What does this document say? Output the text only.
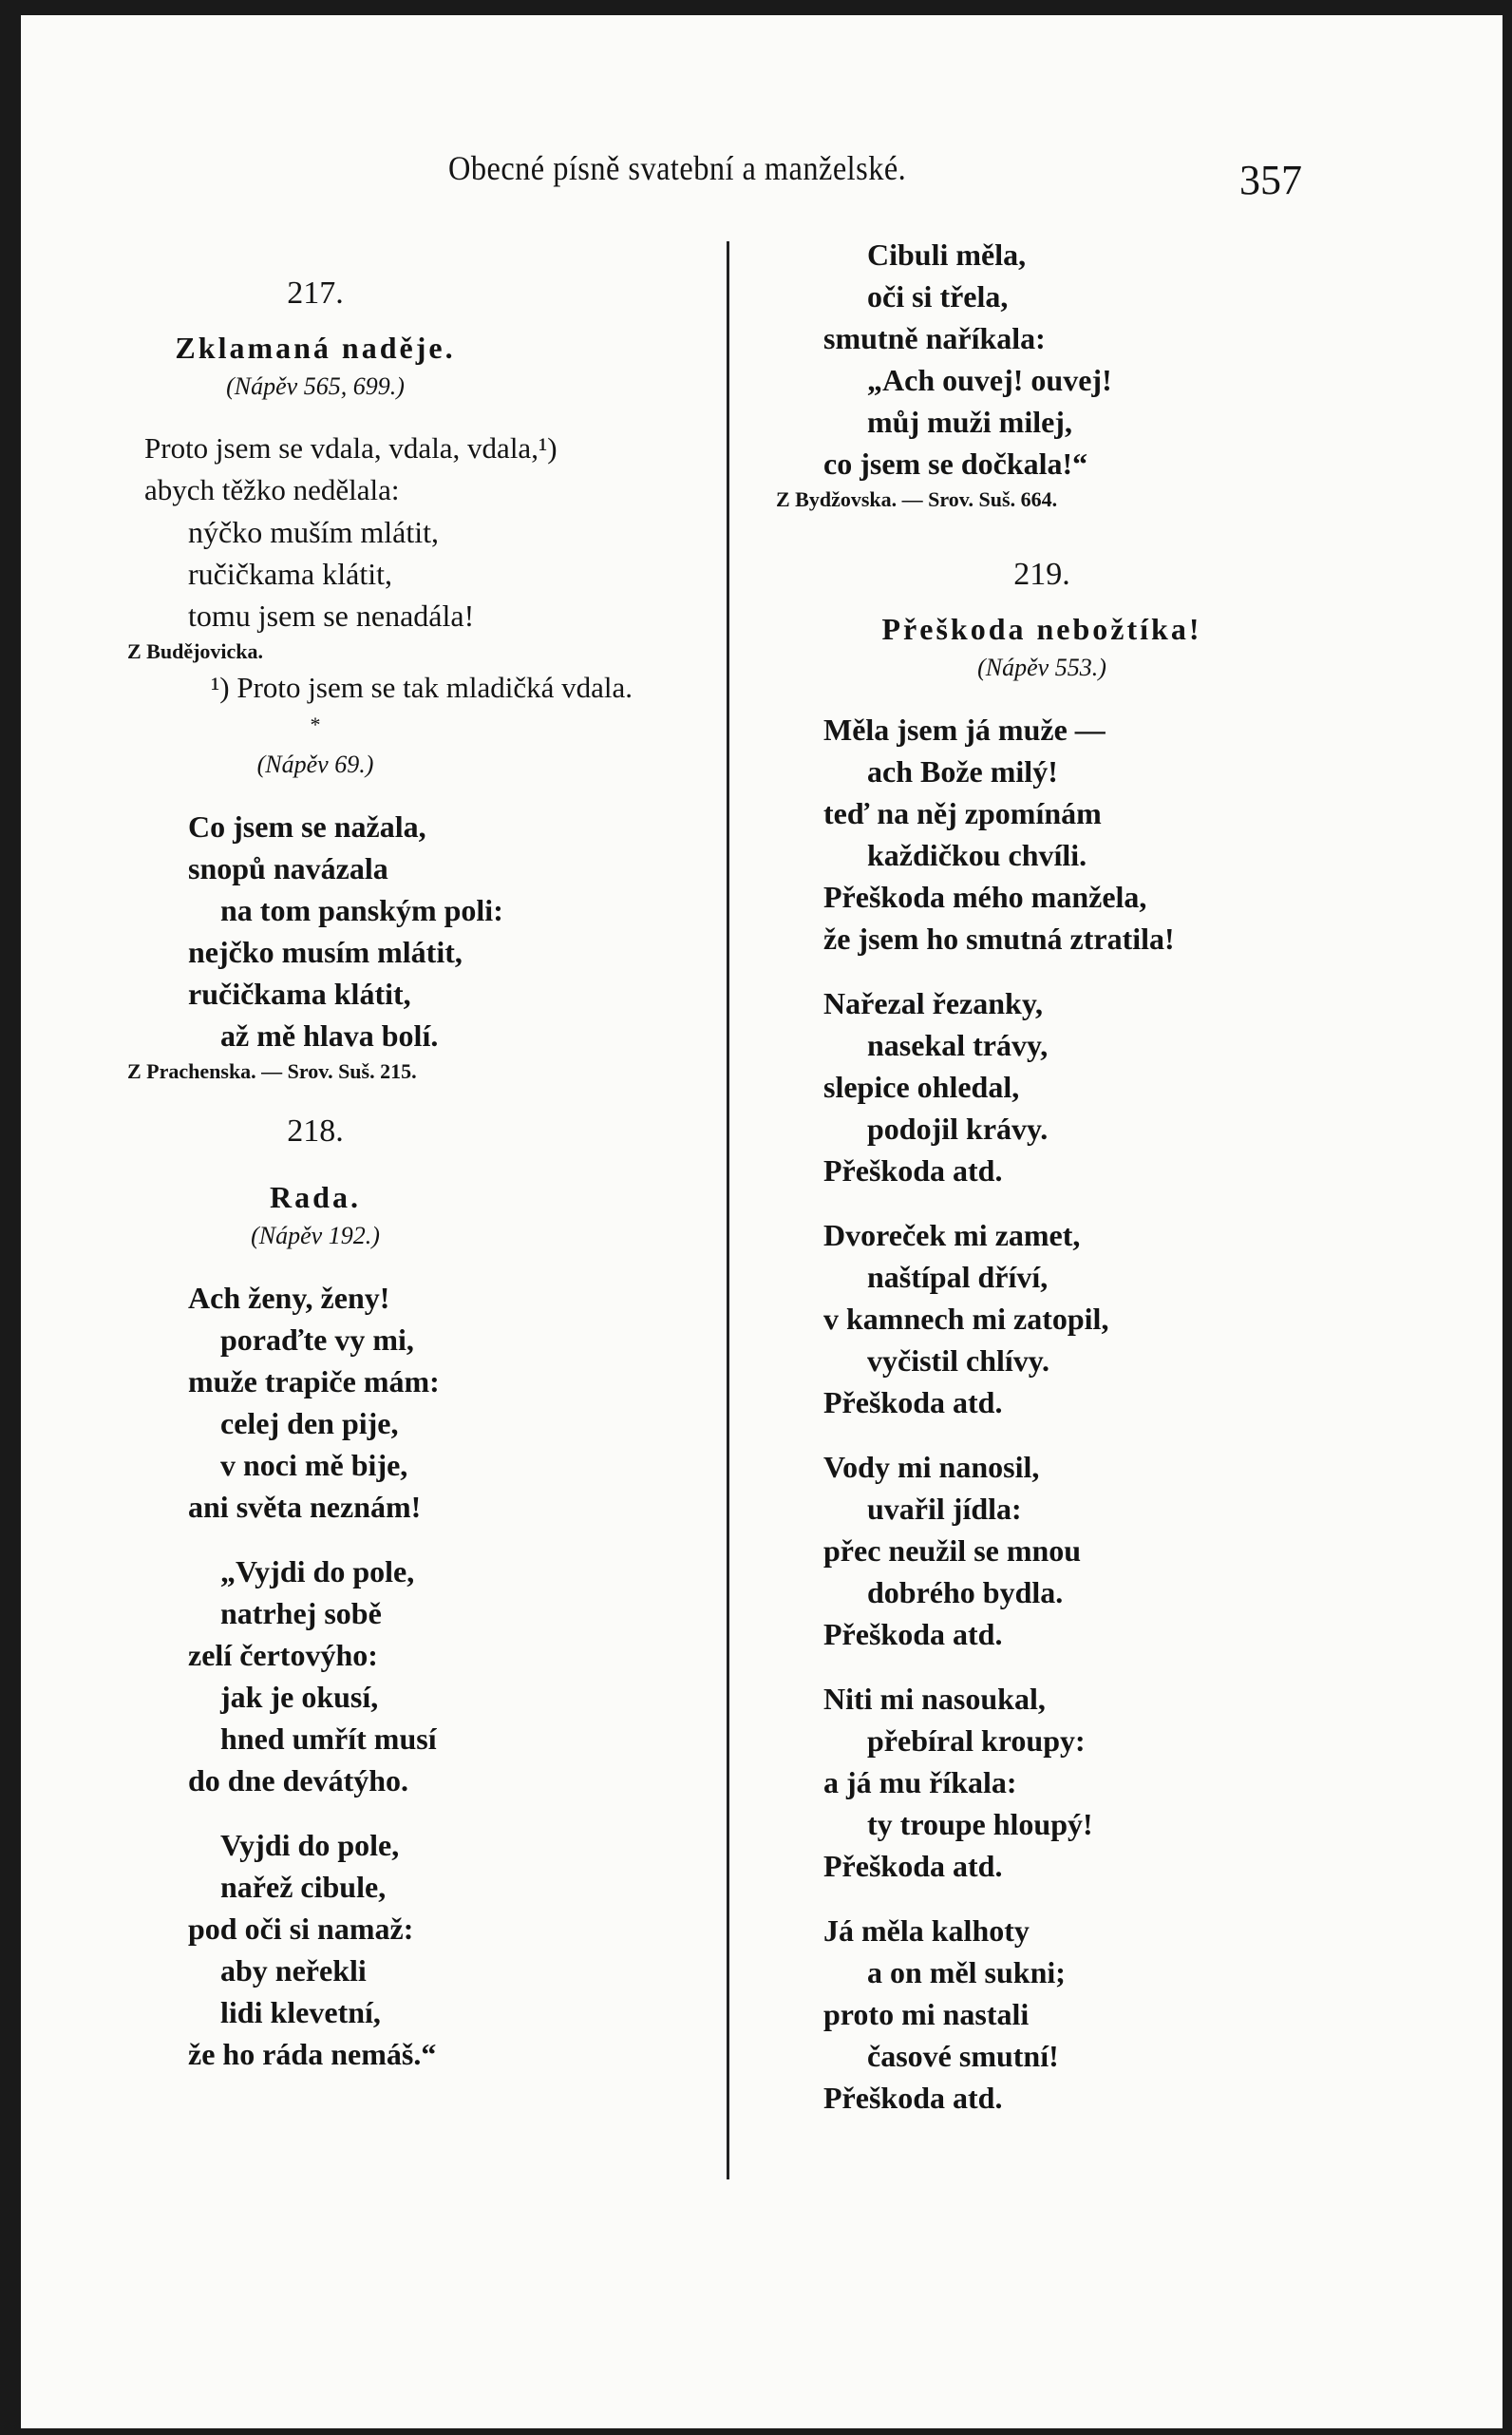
Obecné písně svatební a manželské.	357
217.
Zklamaná naděje.
(Nápěv 565, 699.)
Proto jsem se vdala, vdala, vdala,¹)
abych těžko nedělala:
nýčko muším mlátit,
ručičkama klátit,
tomu jsem se nenadála!
Z Budějovicka.
¹) Proto jsem se tak mladičká vdala.
*
(Nápěv 69.)
Co jsem se nažala,
snopů navázala
na tom panským poli:
nejčko musím mlátit,
ručičkama klátit,
až mě hlava bolí.
Z Prachenska. — Srov. Suš. 215.
218.
Rada.
(Nápěv 192.)
Ach ženy, ženy!
poraďte vy mi,
muže trapiče mám:
celej den pije,
v noci mě bije,
ani světa neznám!
„Vyjdi do pole,
natrhej sobě
zelí čertovýho:
jak je okusí,
hned umřít musí
do dne devátýho.
Vyjdi do pole,
nařež cibule,
pod oči si namaž:
aby neřekli
lidi klevetní,
že ho ráda nemáš.“
Cibuli měla,
oči si třela,
smutně naříkala:
„Ach ouvej! ouvej!
můj muži milej,
co jsem se dočkala!“
Z Bydžovska. — Srov. Suš. 664.
219.
Přeškoda nebožtíka!
(Nápěv 553.)
Měla jsem já muže —
ach Bože milý!
teď na něj zpomínám
každičkou chvíli.
Přeškoda mého manžela,
že jsem ho smutná ztratila!
Nařezal řezanky,
nasekal trávy,
slepice ohledal,
podojil krávy.
Přeškoda atd.
Dvoreček mi zamet,
naštípal dříví,
v kamnech mi zatopil,
vyčistil chlívy.
Přeškoda atd.
Vody mi nanosil,
uvařil jídla:
přec neužil se mnou
dobrého bydla.
Přeškoda atd.
Niti mi nasoukal,
přebíral kroupy:
a já mu říkala:
ty troupe hloupý!
Přeškoda atd.
Já měla kalhoty
a on měl sukni;
proto mi nastali
časové smutní!
Přeškoda atd.
